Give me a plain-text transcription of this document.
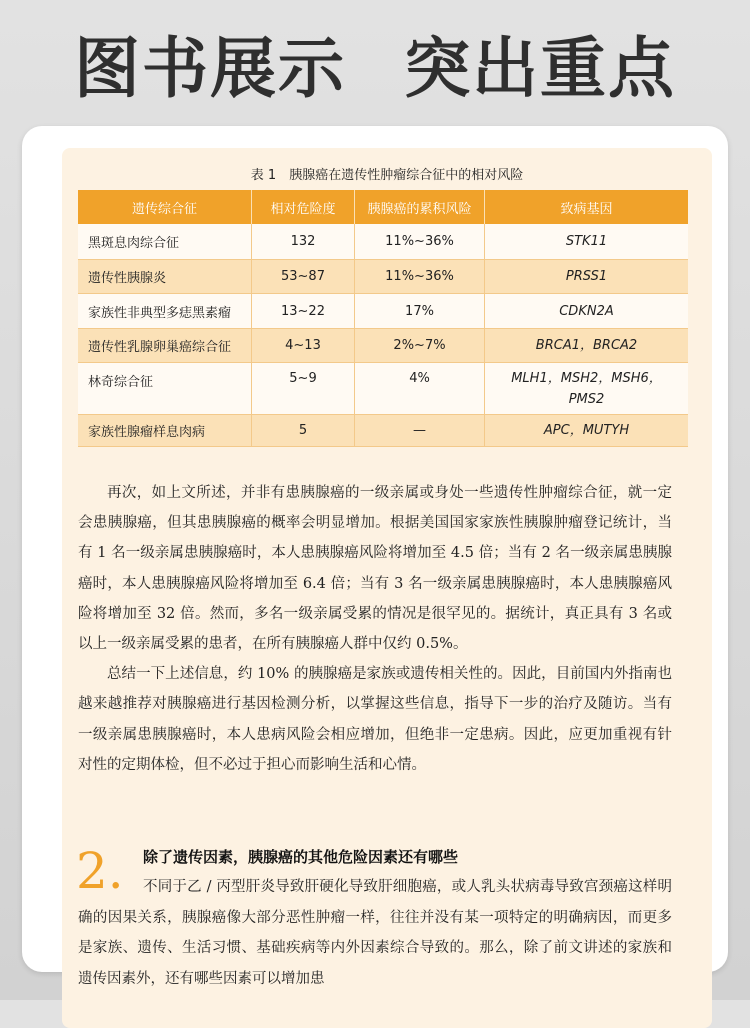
图书展示 突出重点
表 1　胰腺癌在遗传性肿瘤综合征中的相对风险
遗传综合征	相对危险度	胰腺癌的累积风险	致病基因
黑斑息肉综合征	132	11%~36%	STK11
遗传性胰腺炎	53~87	11%~36%	PRSS1
家族性非典型多痣黑素瘤	13~22	17%	CDKN2A
遗传性乳腺卵巢癌综合征	4~13	2%~7%	BRCA1，BRCA2
林奇综合征	5~9	4%	MLH1，MSH2，MSH6，PMS2
家族性腺瘤样息肉病	5	—	APC，MUTYH

再次，如上文所述，并非有患胰腺癌的一级亲属或身处一些遗传性肿瘤综合征，就一定会患胰腺癌，但其患胰腺癌的概率会明显增加。根据美国国家家族性胰腺肿瘤登记统计，当有 1 名一级亲属患胰腺癌时，本人患胰腺癌风险将增加至 4.5 倍；当有 2 名一级亲属患胰腺癌时，本人患胰腺癌风险将增加至 6.4 倍；当有 3 名一级亲属患胰腺癌时，本人患胰腺癌风险将增加至 32 倍。然而，多名一级亲属受累的情况是很罕见的。据统计，真正具有 3 名或以上一级亲属受累的患者，在所有胰腺癌人群中仅约 0.5%。

总结一下上述信息，约 10% 的胰腺癌是家族或遗传相关性的。因此，目前国内外指南也越来越推荐对胰腺癌进行基因检测分析，以掌握这些信息，指导下一步的治疗及随访。当有一级亲属患胰腺癌时，本人患病风险会相应增加，但绝非一定患病。因此，应更加重视有针对性的定期体检，但不必过于担心而影响生活和心情。

2. 除了遗传因素，胰腺癌的其他危险因素还有哪些

不同于乙 / 丙型肝炎导致肝硬化导致肝细胞癌，或人乳头状病毒导致宫颈癌这样明确的因果关系，胰腺癌像大部分恶性肿瘤一样，往往并没有某一项特定的明确病因，而更多是家族、遗传、生活习惯、基础疾病等内外因素综合导致的。那么，除了前文讲述的家族和遗传因素外，还有哪些因素可以增加患
